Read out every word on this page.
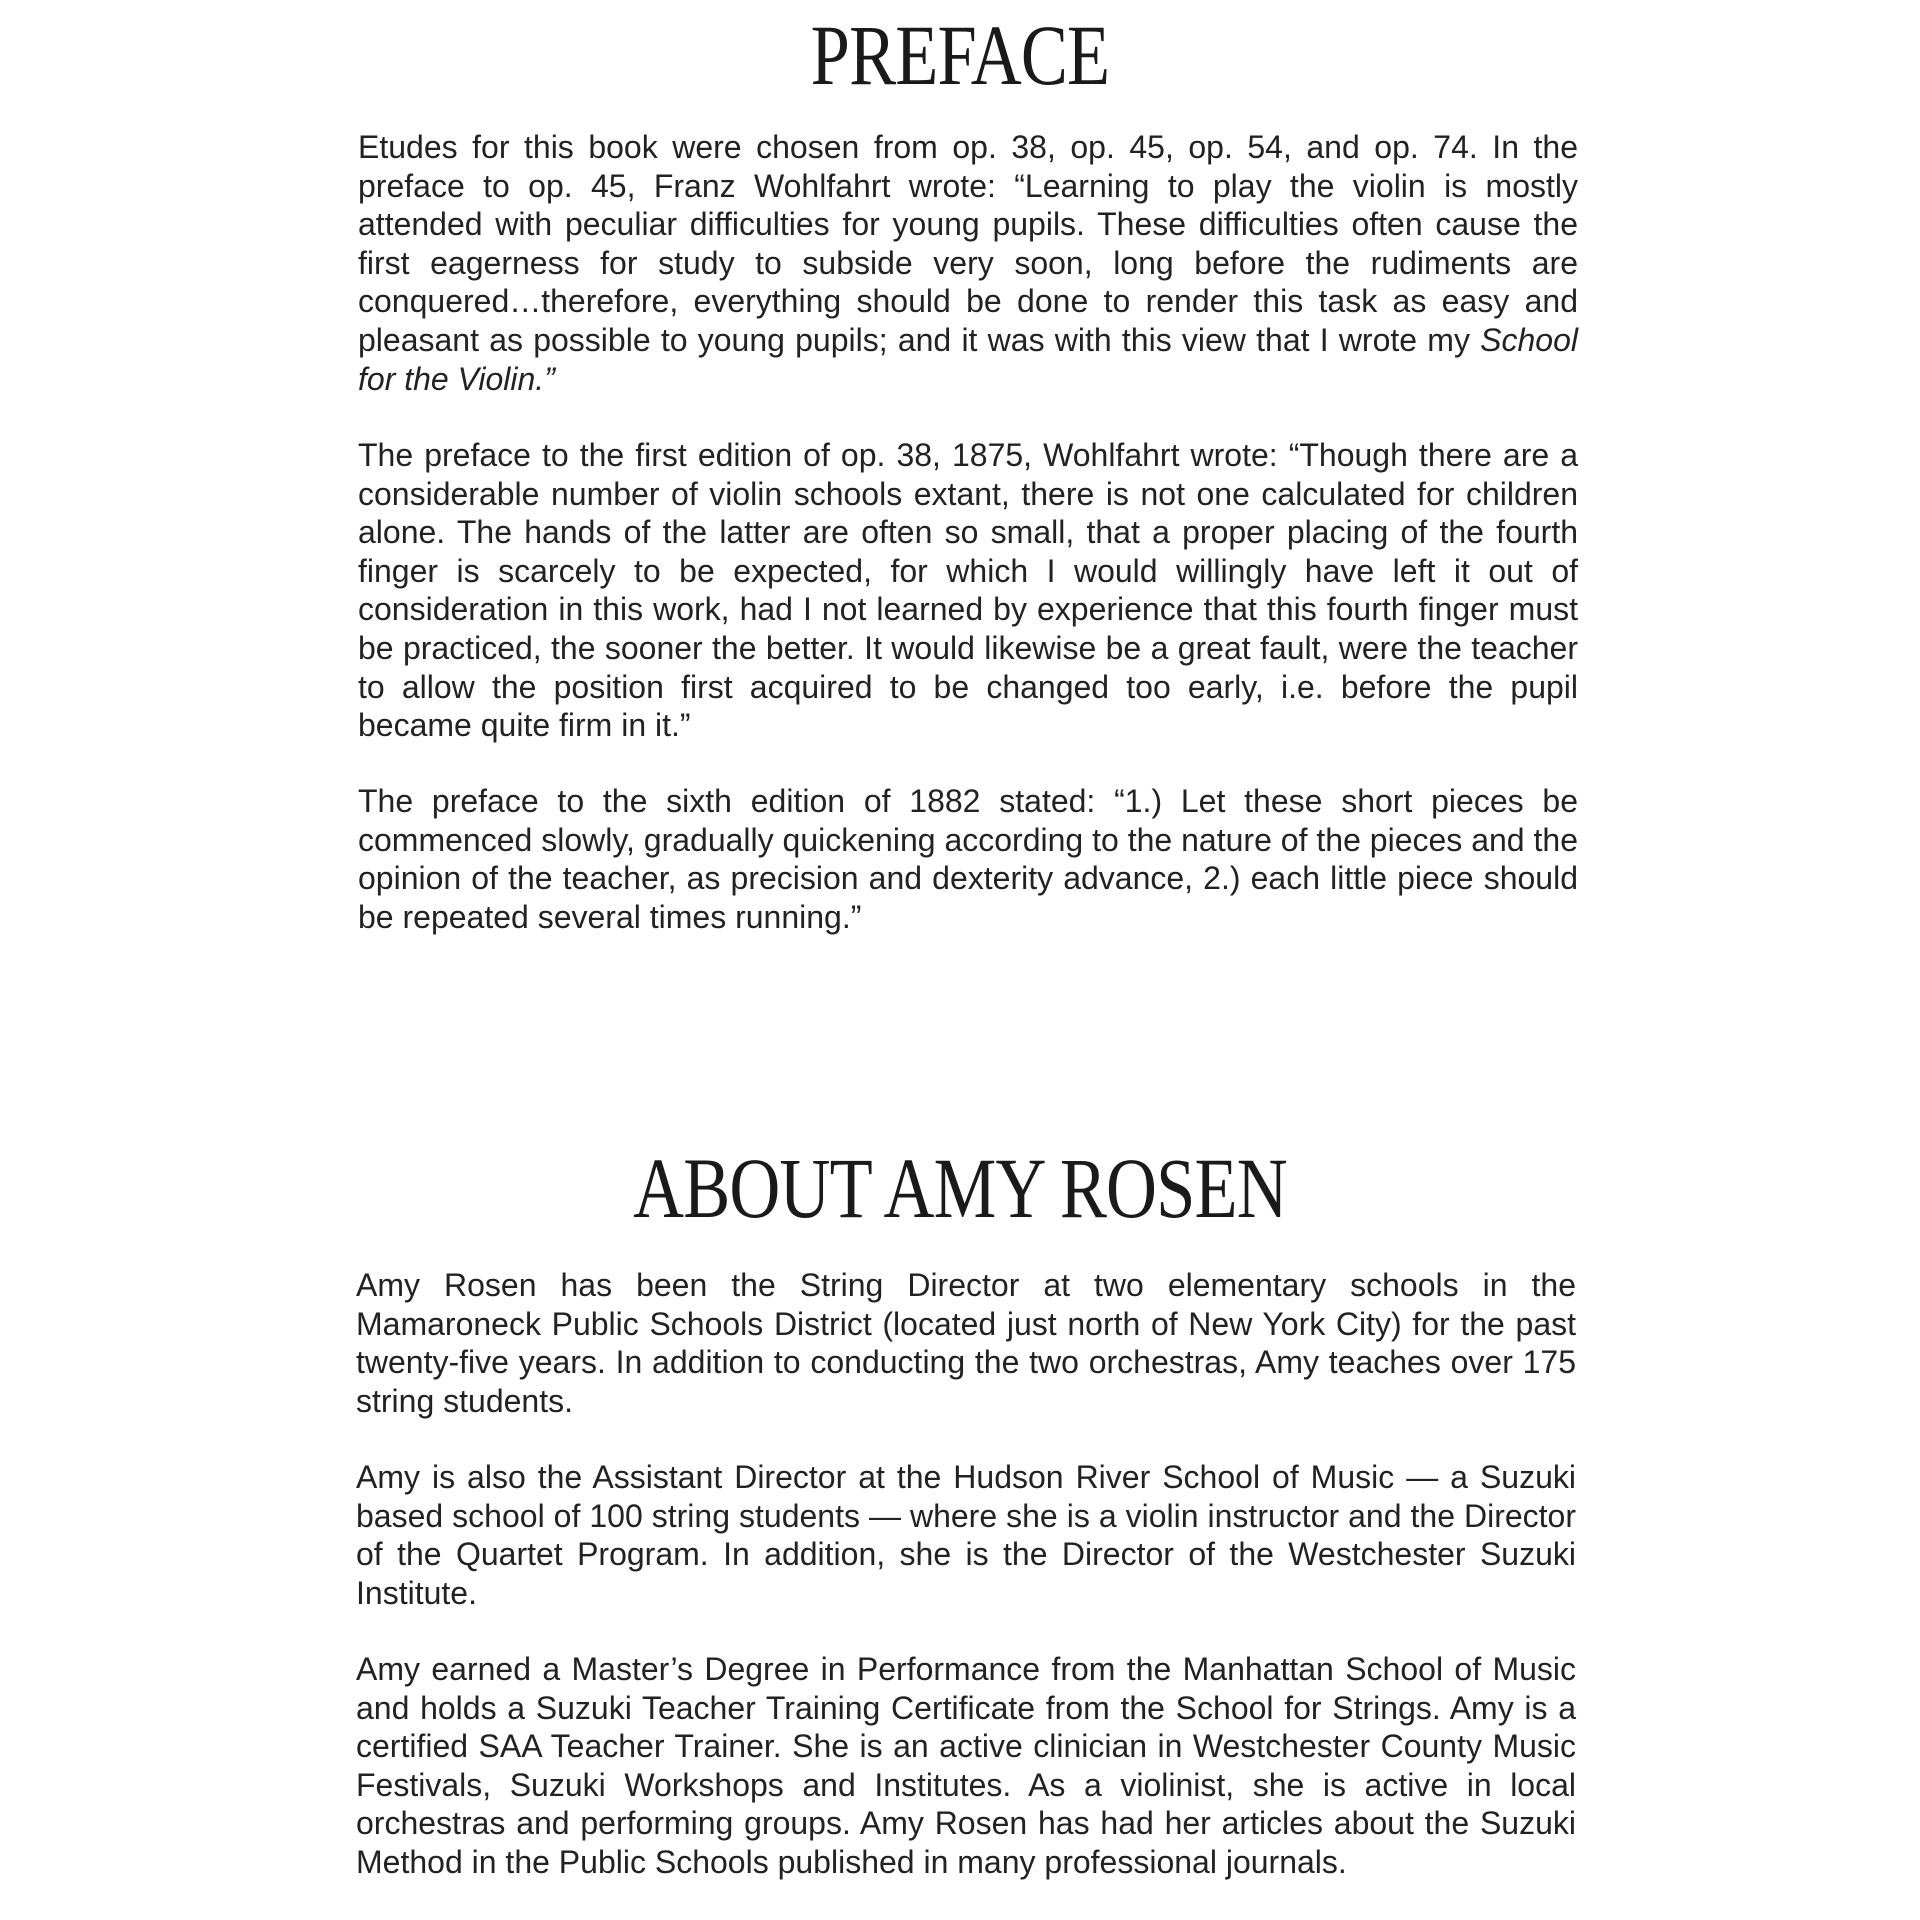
PREFACE

Etudes for this book were chosen from op. 38, op. 45, op. 54, and op. 74. In the preface to op. 45, Franz Wohlfahrt wrote: “Learning to play the violin is mostly attended with peculiar difficulties for young pupils. These difficulties often cause the first eagerness for study to subside very soon, long before the rudiments are conquered…therefore, everything should be done to render this task as easy and pleasant as possible to young pupils; and it was with this view that I wrote my School for the Violin.”

The preface to the first edition of op. 38, 1875, Wohlfahrt wrote: “Though there are a considerable number of violin schools extant, there is not one calculated for children alone. The hands of the latter are often so small, that a proper placing of the fourth finger is scarcely to be expected, for which I would willingly have left it out of consideration in this work, had I not learned by experience that this fourth finger must be practiced, the sooner the better. It would likewise be a great fault, were the teacher to allow the position first acquired to be changed too early, i.e. before the pupil became quite firm in it.”

The preface to the sixth edition of 1882 stated: “1.) Let these short pieces be commenced slowly, gradually quickening according to the nature of the pieces and the opinion of the teacher, as precision and dexterity advance, 2.) each little piece should be repeated several times running.”

ABOUT AMY ROSEN

Amy Rosen has been the String Director at two elementary schools in the Mamaroneck Public Schools District (located just north of New York City) for the past twenty-five years. In addition to conducting the two orchestras, Amy teaches over 175 string students.

Amy is also the Assistant Director at the Hudson River School of Music — a Suzuki based school of 100 string students — where she is a violin instructor and the Director of the Quartet Program. In addition, she is the Director of the Westchester Suzuki Institute.

Amy earned a Master’s Degree in Performance from the Manhattan School of Music and holds a Suzuki Teacher Training Certificate from the School for Strings. Amy is a certified SAA Teacher Trainer. She is an active clinician in Westchester County Music Festivals, Suzuki Workshops and Institutes. As a violinist, she is active in local orchestras and performing groups. Amy Rosen has had her articles about the Suzuki Method in the Public Schools published in many professional journals.
